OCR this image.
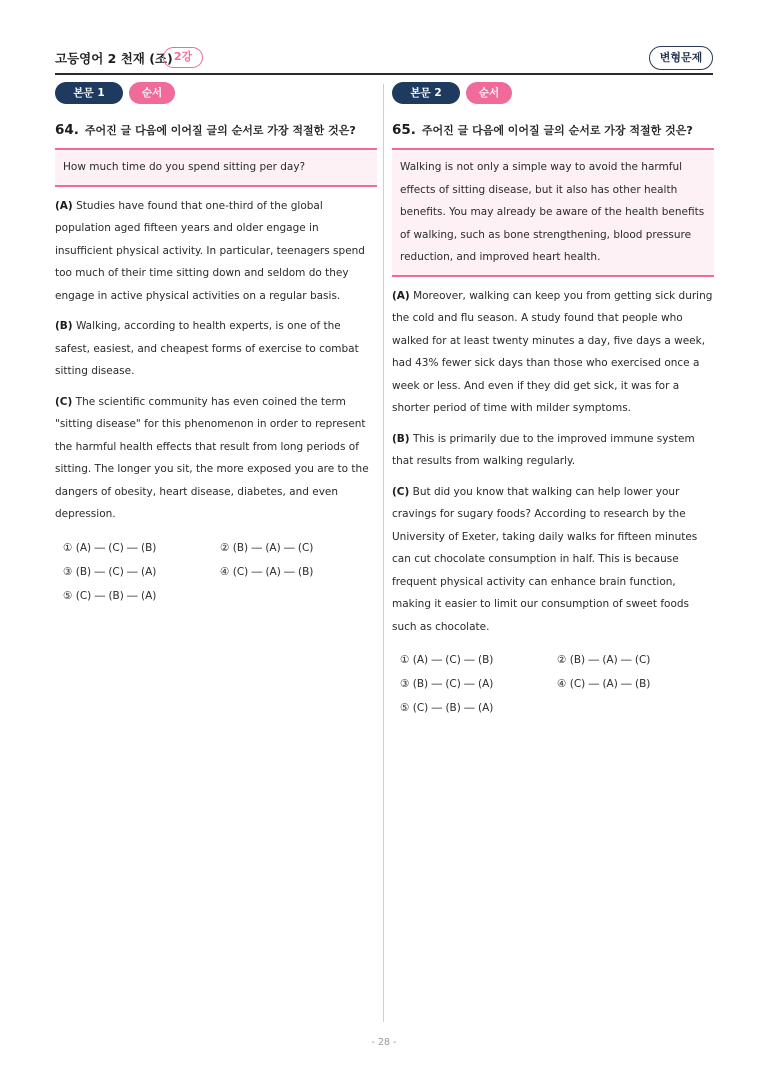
고등영어 2 천재 (조) 2강	변형문제
본문 1	순서
64. 주어진 글 다음에 이어질 글의 순서로 가장 적절한 것은?
How much time do you spend sitting per day?

(A) Studies have found that one-third of the global population aged fifteen years and older engage in insufficient physical activity. In particular, teenagers spend too much of their time sitting down and seldom do they engage in active physical activities on a regular basis.

(B) Walking, according to health experts, is one of the safest, easiest, and cheapest forms of exercise to combat sitting disease.

(C) The scientific community has even coined the term "sitting disease" for this phenomenon in order to represent the harmful health effects that result from long periods of sitting. The longer you sit, the more exposed you are to the dangers of obesity, heart disease, diabetes, and even depression.

① (A) ― (C) ― (B)	② (B) ― (A) ― (C)
③ (B) ― (C) ― (A)	④ (C) ― (A) ― (B)
⑤ (C) ― (B) ― (A)
본문 2	순서
65. 주어진 글 다음에 이어질 글의 순서로 가장 적절한 것은?
Walking is not only a simple way to avoid the harmful effects of sitting disease, but it also has other health benefits. You may already be aware of the health benefits of walking, such as bone strengthening, blood pressure reduction, and improved heart health.

(A) Moreover, walking can keep you from getting sick during the cold and flu season. A study found that people who walked for at least twenty minutes a day, five days a week, had 43% fewer sick days than those who exercised once a week or less. And even if they did get sick, it was for a shorter period of time with milder symptoms.

(B) This is primarily due to the improved immune system that results from walking regularly.

(C) But did you know that walking can help lower your cravings for sugary foods? According to research by the University of Exeter, taking daily walks for fifteen minutes can cut chocolate consumption in half. This is because frequent physical activity can enhance brain function, making it easier to limit our consumption of sweet foods such as chocolate.

① (A) ― (C) ― (B)	② (B) ― (A) ― (C)
③ (B) ― (C) ― (A)	④ (C) ― (A) ― (B)
⑤ (C) ― (B) ― (A)
- 28 -
